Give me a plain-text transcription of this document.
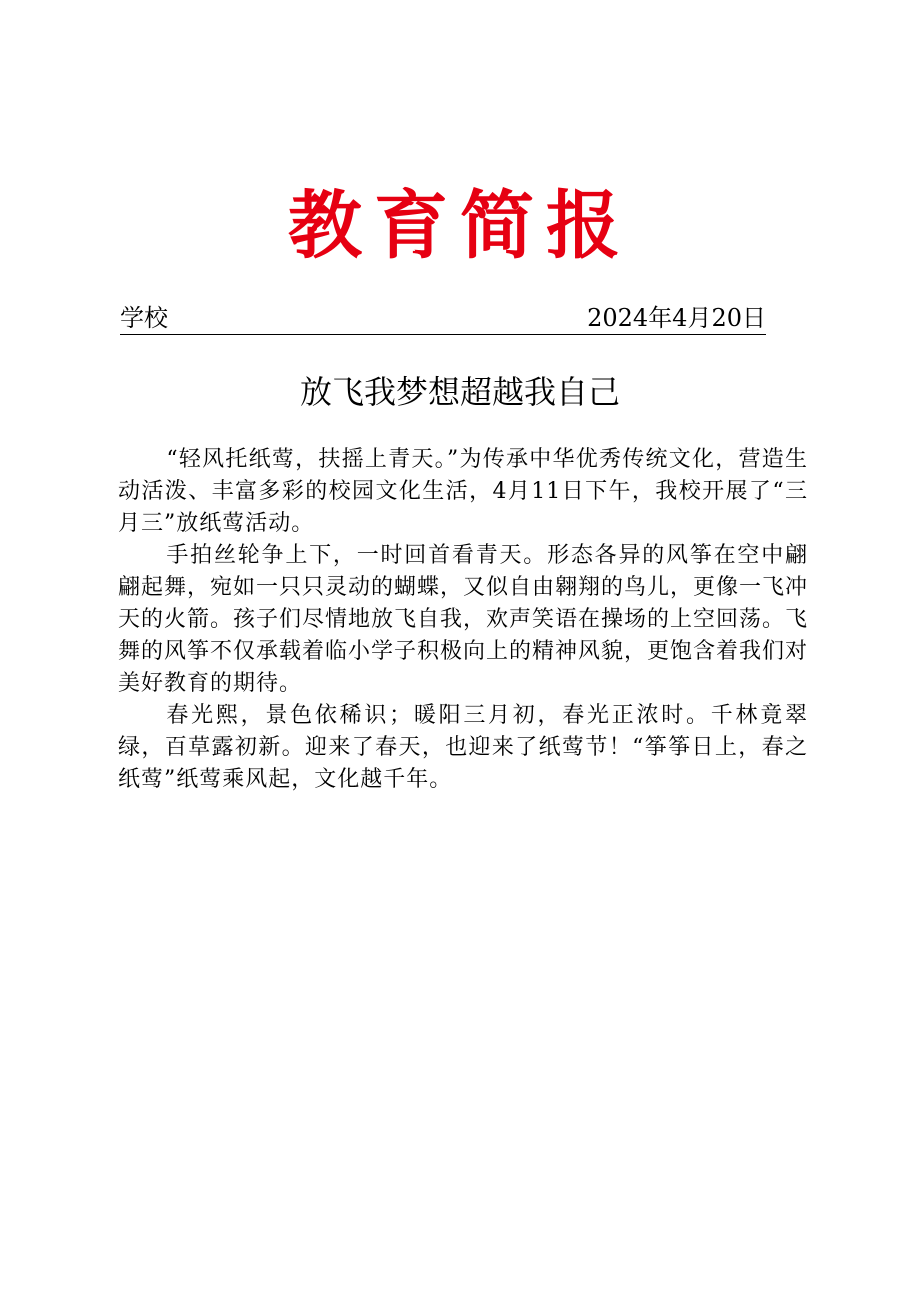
教育简报
学校	2024年4月20日
放飞我梦想超越我自己

“轻风托纸莺，扶摇上青天。”为传承中华优秀传统文化，营造生动活泼、丰富多彩的校园文化生活，4月11日下午，我校开展了“三月三”放纸莺活动。

手拍丝轮争上下，一时回首看青天。形态各异的风筝在空中翩翩起舞，宛如一只只灵动的蝴蝶，又似自由翱翔的鸟儿，更像一飞冲天的火箭。孩子们尽情地放飞自我，欢声笑语在操场的上空回荡。飞舞的风筝不仅承载着临小学子积极向上的精神风貌，更饱含着我们对美好教育的期待。

春光熙，景色依稀识；暖阳三月初，春光正浓时。千林竟翠绿，百草露初新。迎来了春天，也迎来了纸莺节！“筝筝日上，春之纸莺”纸莺乘风起，文化越千年。
